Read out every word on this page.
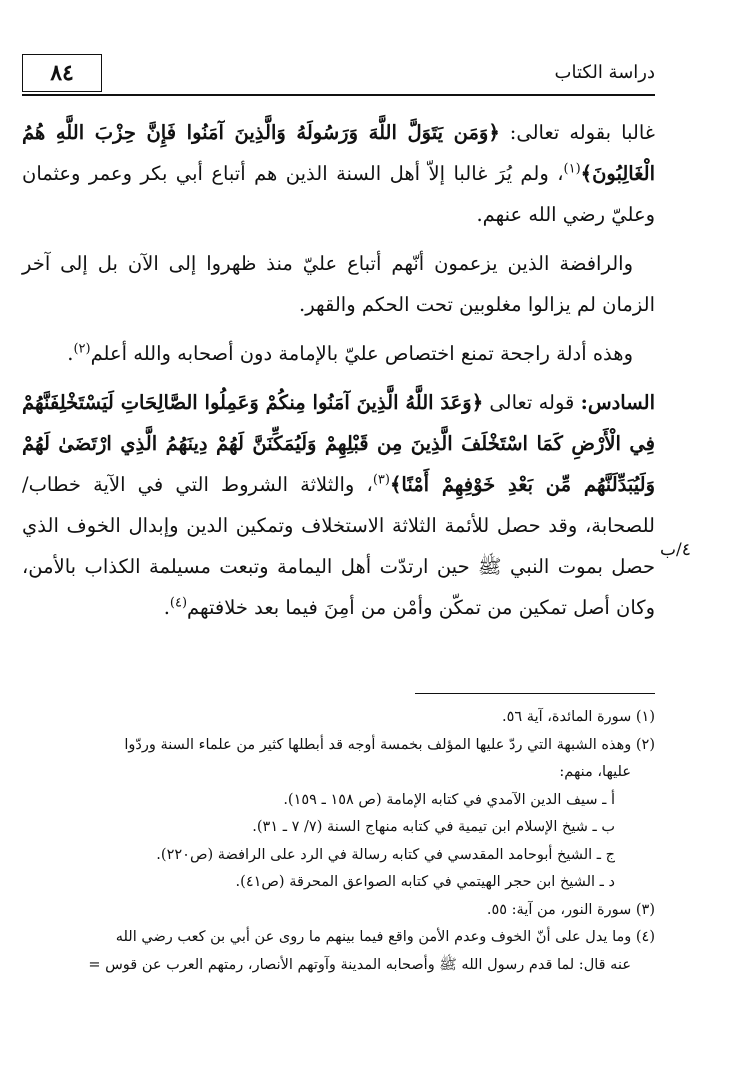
٨٤	دراسة الكتاب

غالبا بقوله تعالى: ﴿وَمَن يَتَوَلَّ اللَّهَ وَرَسُولَهُ وَالَّذِينَ آمَنُوا فَإِنَّ حِزْبَ اللَّهِ هُمُ الْغَالِبُونَ﴾$^{(١)}$، ولم يُرَ غالبا إلاّ أهل السنة الذين هم أتباع أبي بكر وعمر وعثمان وعليّ رضي الله عنهم.

والرافضة الذين يزعمون أنّهم أتباع عليّ منذ ظهروا إلى الآن بل إلى آخر الزمان لم يزالوا مغلوبين تحت الحكم والقهر.

وهذه أدلة راجحة تمنع اختصاص عليّ بالإمامة دون أصحابه والله أعلم$^{(٢)}$.

السادس: قوله تعالى ﴿وَعَدَ اللَّهُ الَّذِينَ آمَنُوا مِنكُمْ وَعَمِلُوا الصَّالِحَاتِ لَيَسْتَخْلِفَنَّهُمْ فِي الْأَرْضِ كَمَا اسْتَخْلَفَ الَّذِينَ مِن قَبْلِهِمْ وَلَيُمَكِّنَنَّ لَهُمْ دِينَهُمُ الَّذِي ارْتَضَىٰ لَهُمْ وَلَيُبَدِّلَنَّهُم مِّن بَعْدِ خَوْفِهِمْ أَمْنًا﴾$^{(٣)}$، والثلاثة الشروط التي في الآية خطاب/ للصحابة، وقد حصل للأئمة الثلاثة الاستخلاف وتمكين الدين وإبدال الخوف الذي حصل بموت النبي ﷺ حين ارتدّت أهل اليمامة وتبعت مسيلمة الكذاب بالأمن، وكان أصل تمكين من تمكّن وأمْن من أمِنَ فيما بعد خلافتهم$^{(٤)}$.

٤/ب

(١) سورة المائدة، آية ٥٦.

(٢) وهذه الشبهة التي ردّ عليها المؤلف بخمسة أوجه قد أبطلها كثير من علماء السنة وردّوا

عليها، منهم:

أ ـ سيف الدين الآمدي في كتابه الإمامة (ص ١٥٨ ـ ١٥٩).

ب ـ شيخ الإسلام ابن تيمية في كتابه منهاج السنة (٧/ ٧ ـ ٣١).

ج ـ الشيخ أبوحامد المقدسي في كتابه رسالة في الرد على الرافضة (ص٢٢٠).

د ـ الشيخ ابن حجر الهيتمي في كتابه الصواعق المحرقة (ص٤١).

(٣) سورة النور، من آية: ٥٥.

(٤) وما يدل على أنّ الخوف وعدم الأمن واقع فيما بينهم ما روى عن أبي بن كعب رضي الله

عنه قال: لما قدم رسول الله ﷺ وأصحابه المدينة وآوتهم الأنصار، رمتهم العرب عن قوس =
